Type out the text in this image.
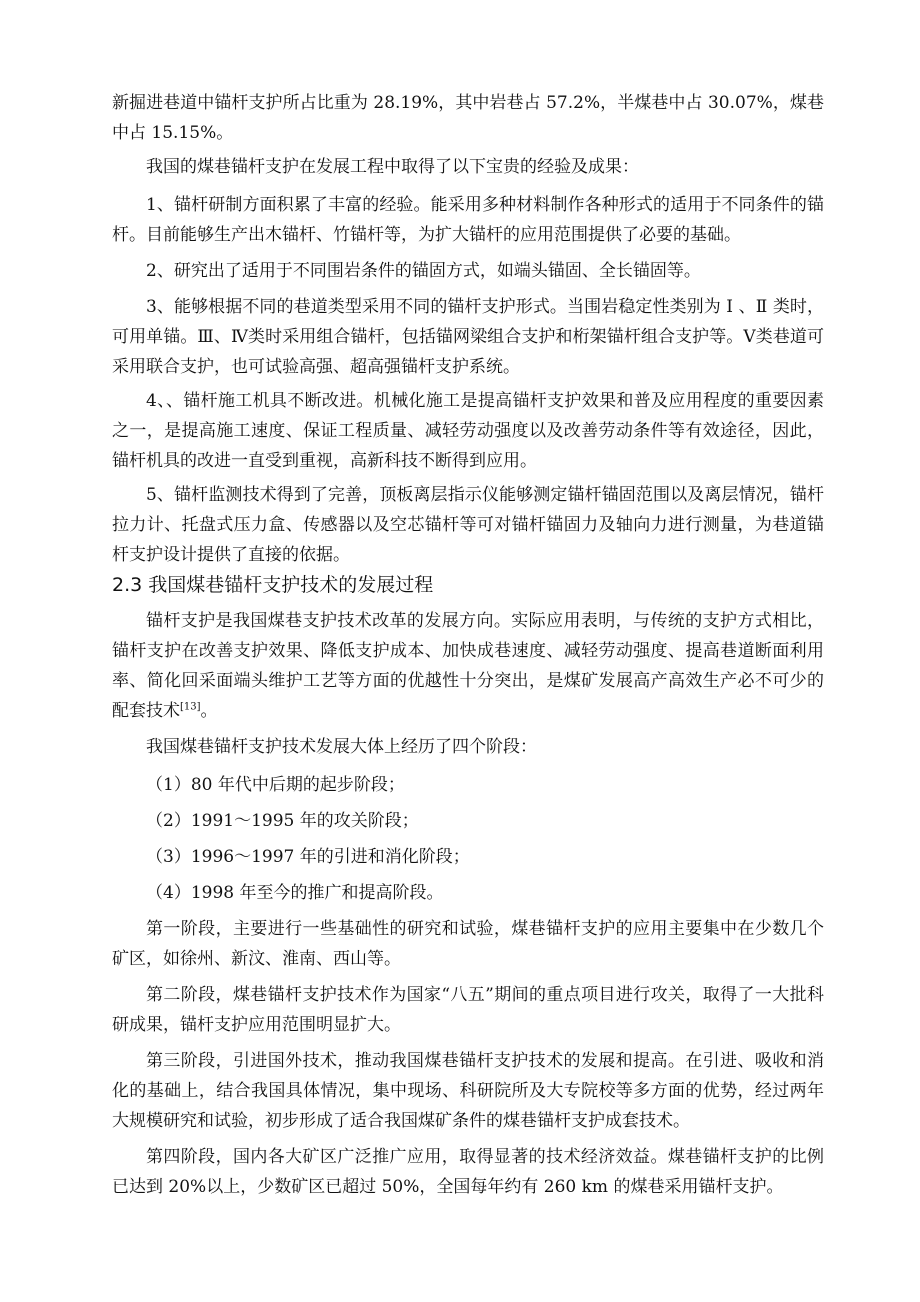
新掘进巷道中锚杆支护所占比重为 28.19%，其中岩巷占 57.2%，半煤巷中占 30.07%，煤巷中占 15.15%。

我国的煤巷锚杆支护在发展工程中取得了以下宝贵的经验及成果：

1、锚杆研制方面积累了丰富的经验。能采用多种材料制作各种形式的适用于不同条件的锚杆。目前能够生产出木锚杆、竹锚杆等，为扩大锚杆的应用范围提供了必要的基础。

2、研究出了适用于不同围岩条件的锚固方式，如端头锚固、全长锚固等。

3、能够根据不同的巷道类型采用不同的锚杆支护形式。当围岩稳定性类别为 Ⅰ 、Ⅱ 类时，可用单锚。Ⅲ、Ⅳ类时采用组合锚杆，包括锚网梁组合支护和桁架锚杆组合支护等。Ⅴ类巷道可采用联合支护，也可试验高强、超高强锚杆支护系统。

4、、锚杆施工机具不断改进。机械化施工是提高锚杆支护效果和普及应用程度的重要因素之一，是提高施工速度、保证工程质量、减轻劳动强度以及改善劳动条件等有效途径，因此，锚杆机具的改进一直受到重视，高新科技不断得到应用。

5、锚杆监测技术得到了完善，顶板离层指示仪能够测定锚杆锚固范围以及离层情况，锚杆拉力计、托盘式压力盒、传感器以及空芯锚杆等可对锚杆锚固力及轴向力进行测量，为巷道锚杆支护设计提供了直接的依据。

2.3 我国煤巷锚杆支护技术的发展过程

锚杆支护是我国煤巷支护技术改革的发展方向。实际应用表明，与传统的支护方式相比，锚杆支护在改善支护效果、降低支护成本、加快成巷速度、减轻劳动强度、提高巷道断面利用率、简化回采面端头维护工艺等方面的优越性十分突出，是煤矿发展高产高效生产必不可少的配套技术[13]。

我国煤巷锚杆支护技术发展大体上经历了四个阶段：

（1）80 年代中后期的起步阶段；

（2）1991～1995 年的攻关阶段；

（3）1996～1997 年的引进和消化阶段；

（4）1998 年至今的推广和提高阶段。

第一阶段，主要进行一些基础性的研究和试验，煤巷锚杆支护的应用主要集中在少数几个矿区，如徐州、新汶、淮南、西山等。

第二阶段，煤巷锚杆支护技术作为国家“八五”期间的重点项目进行攻关，取得了一大批科研成果，锚杆支护应用范围明显扩大。

第三阶段，引进国外技术，推动我国煤巷锚杆支护技术的发展和提高。在引进、吸收和消化的基础上，结合我国具体情况，集中现场、科研院所及大专院校等多方面的优势，经过两年大规模研究和试验，初步形成了适合我国煤矿条件的煤巷锚杆支护成套技术。

第四阶段，国内各大矿区广泛推广应用，取得显著的技术经济效益。煤巷锚杆支护的比例已达到 20%以上，少数矿区已超过 50%，全国每年约有 260 km 的煤巷采用锚杆支护。
